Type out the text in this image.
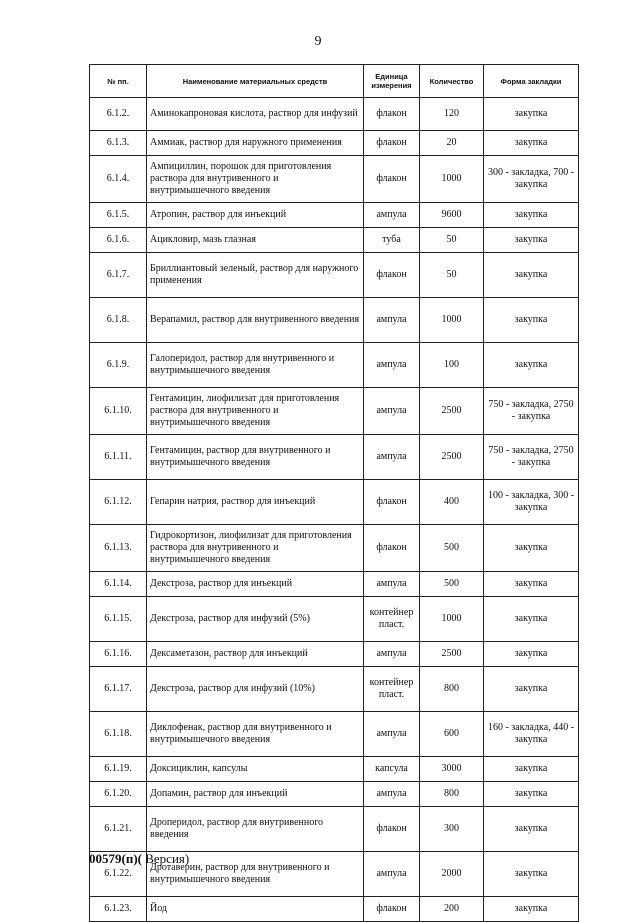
9
№ пп.	Наименование материальных средств	Единица измерения	Количество	Форма закладки
6.1.2.	Аминокапроновая кислота, раствор для инфузий	флакон	120	закупка
6.1.3.	Аммиак, раствор для наружного применения	флакон	20	закупка
6.1.4.	Ампициллин, порошок для приготовления раствора для внутривенного и внутримышечного введения	флакон	1000	300 - закладка, 700 - закупка
6.1.5.	Атропин, раствор для инъекций	ампула	9600	закупка
6.1.6.	Ацикловир, мазь глазная	туба	50	закупка
6.1.7.	Бриллиантовый зеленый, раствор для наружного применения	флакон	50	закупка
6.1.8.	Верапамил, раствор для внутривенного введения	ампула	1000	закупка
6.1.9.	Галоперидол, раствор для внутривенного и внутримышечного введения	ампула	100	закупка
6.1.10.	Гентамицин, лиофилизат для приготовления раствора для внутривенного и внутримышечного введения	ампула	2500	750 - закладка, 2750 - закупка
6.1.11.	Гентамицин, раствор для внутривенного и внутримышечного введения	ампула	2500	750 - закладка, 2750 - закупка
6.1.12.	Гепарин натрия, раствор для инъекций	флакон	400	100 - закладка, 300 - закупка
6.1.13.	Гидрокортизон, лиофилизат для приготовления раствора для внутривенного и внутримышечного введения	флакон	500	закупка
6.1.14.	Декстроза, раствор для инъекций	ампула	500	закупка
6.1.15.	Декстроза, раствор для инфузий (5%)	контейнер пласт.	1000	закупка
6.1.16.	Дексаметазон, раствор для инъекций	ампула	2500	закупка
6.1.17.	Декстроза, раствор для инфузий (10%)	контейнер пласт.	800	закупка
6.1.18.	Диклофенак, раствор для внутривенного и внутримышечного введения	ампула	600	160 - закладка, 440 - закупка
6.1.19.	Доксициклин, капсулы	капсула	3000	закупка
6.1.20.	Допамин, раствор для инъекций	ампула	800	закупка
6.1.21.	Дроперидол, раствор для внутривенного введения	флакон	300	закупка
6.1.22.	Дротаверин, раствор для внутривенного и внутримышечного введения	ампула	2000	закупка
6.1.23.	Йод	флакон	200	закупка
00579(п)( Версия)
